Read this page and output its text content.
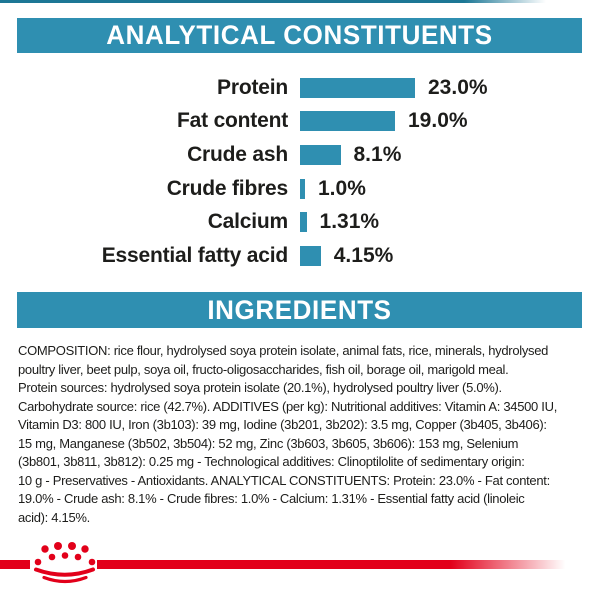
ANALYTICAL CONSTITUENTS
Protein	23.0%
Fat content	19.0%
Crude ash	8.1%
Crude fibres 1.0%
Calcium 1.31%
Essential fatty acid 4.15%
INGREDIENTS
COMPOSITION: rice flour, hydrolysed soya protein isolate, animal fats, rice, minerals, hydrolysed
poultry liver, beet pulp, soya oil, fructo-oligosaccharides, fish oil, borage oil, marigold meal.
Protein sources: hydrolysed soya protein isolate (20.1%), hydrolysed poultry liver (5.0%).
Carbohydrate source: rice (42.7%). ADDITIVES (per kg): Nutritional additives: Vitamin A: 34500 IU,
Vitamin D3: 800 IU, Iron (3b103): 39 mg, Iodine (3b201, 3b202): 3.5 mg, Copper (3b405, 3b406):
15 mg, Manganese (3b502, 3b504): 52 mg, Zinc (3b603, 3b605, 3b606): 153 mg, Selenium
(3b801, 3b811, 3b812): 0.25 mg - Technological additives: Clinoptilolite of sedimentary origin:
10 g - Preservatives - Antioxidants. ANALYTICAL CONSTITUENTS: Protein: 23.0% - Fat content:
19.0% - Crude ash: 8.1% - Crude fibres: 1.0% - Calcium: 1.31% - Essential fatty acid (linoleic
acid): 4.15%.
